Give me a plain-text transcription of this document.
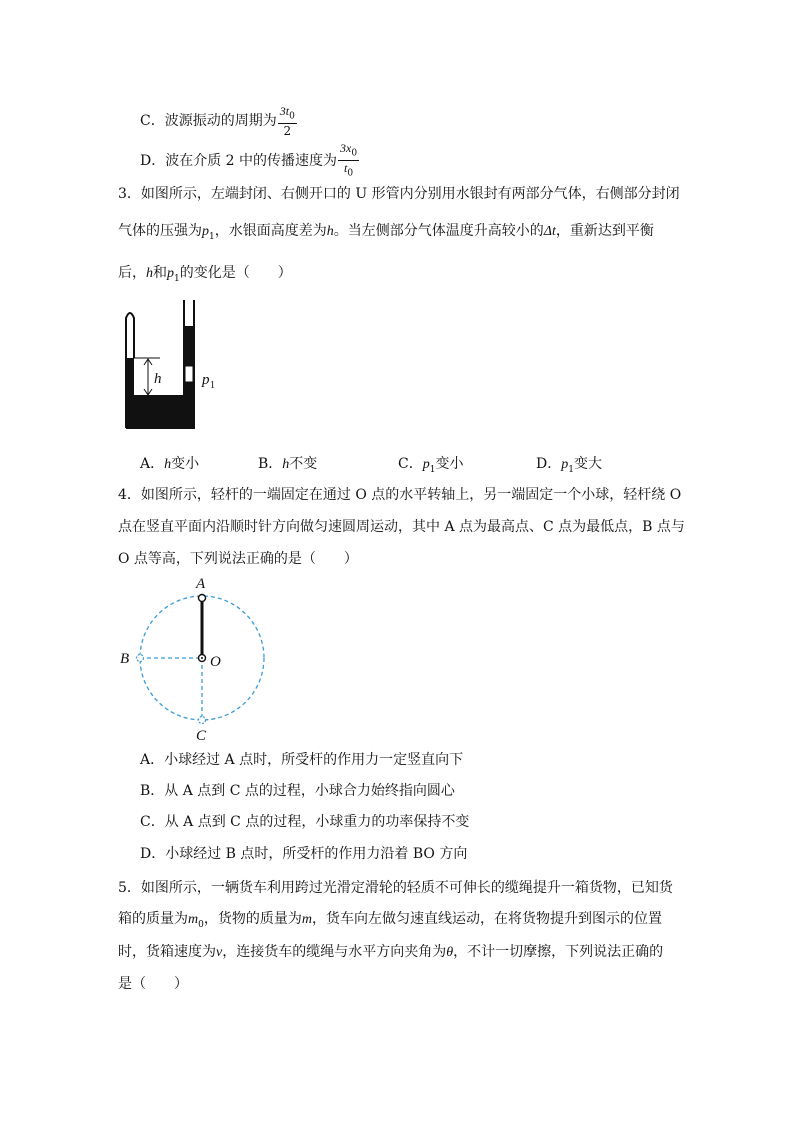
C．波源振动的周期为 $\frac{3t_0}{2}$
D．波在介质 2 中的传播速度为 $\frac{3x_0}{t_0}$
3．如图所示，左端封闭、右侧开口的 U 形管内分别用水银封有两部分气体，右侧部分封闭
气体的压强为$p_1$，水银面高度差为h。当左侧部分气体温度升高较小的Δt，重新达到平衡
后，h和$p_1$的变化是（　　）
h	p 1
A．h变小	B．h不变	C．$p_1$变小	D．$p_1$变大
4．如图所示，轻杆的一端固定在通过 O 点的水平转轴上，另一端固定一个小球，轻杆绕 O
点在竖直平面内沿顺时针方向做匀速圆周运动，其中 A 点为最高点、C 点为最低点，B 点与
O 点等高，下列说法正确的是（　　）
A
B	O
C
A．小球经过 A 点时，所受杆的作用力一定竖直向下
B．从 A 点到 C 点的过程，小球合力始终指向圆心
C．从 A 点到 C 点的过程，小球重力的功率保持不变
D．小球经过 B 点时，所受杆的作用力沿着 BO 方向
5．如图所示，一辆货车利用跨过光滑定滑轮的轻质不可伸长的缆绳提升一箱货物，已知货
箱的质量为$m_0$，货物的质量为m，货车向左做匀速直线运动，在将货物提升到图示的位置
时，货箱速度为v，连接货车的缆绳与水平方向夹角为θ，不计一切摩擦，下列说法正确的
是（　　）
